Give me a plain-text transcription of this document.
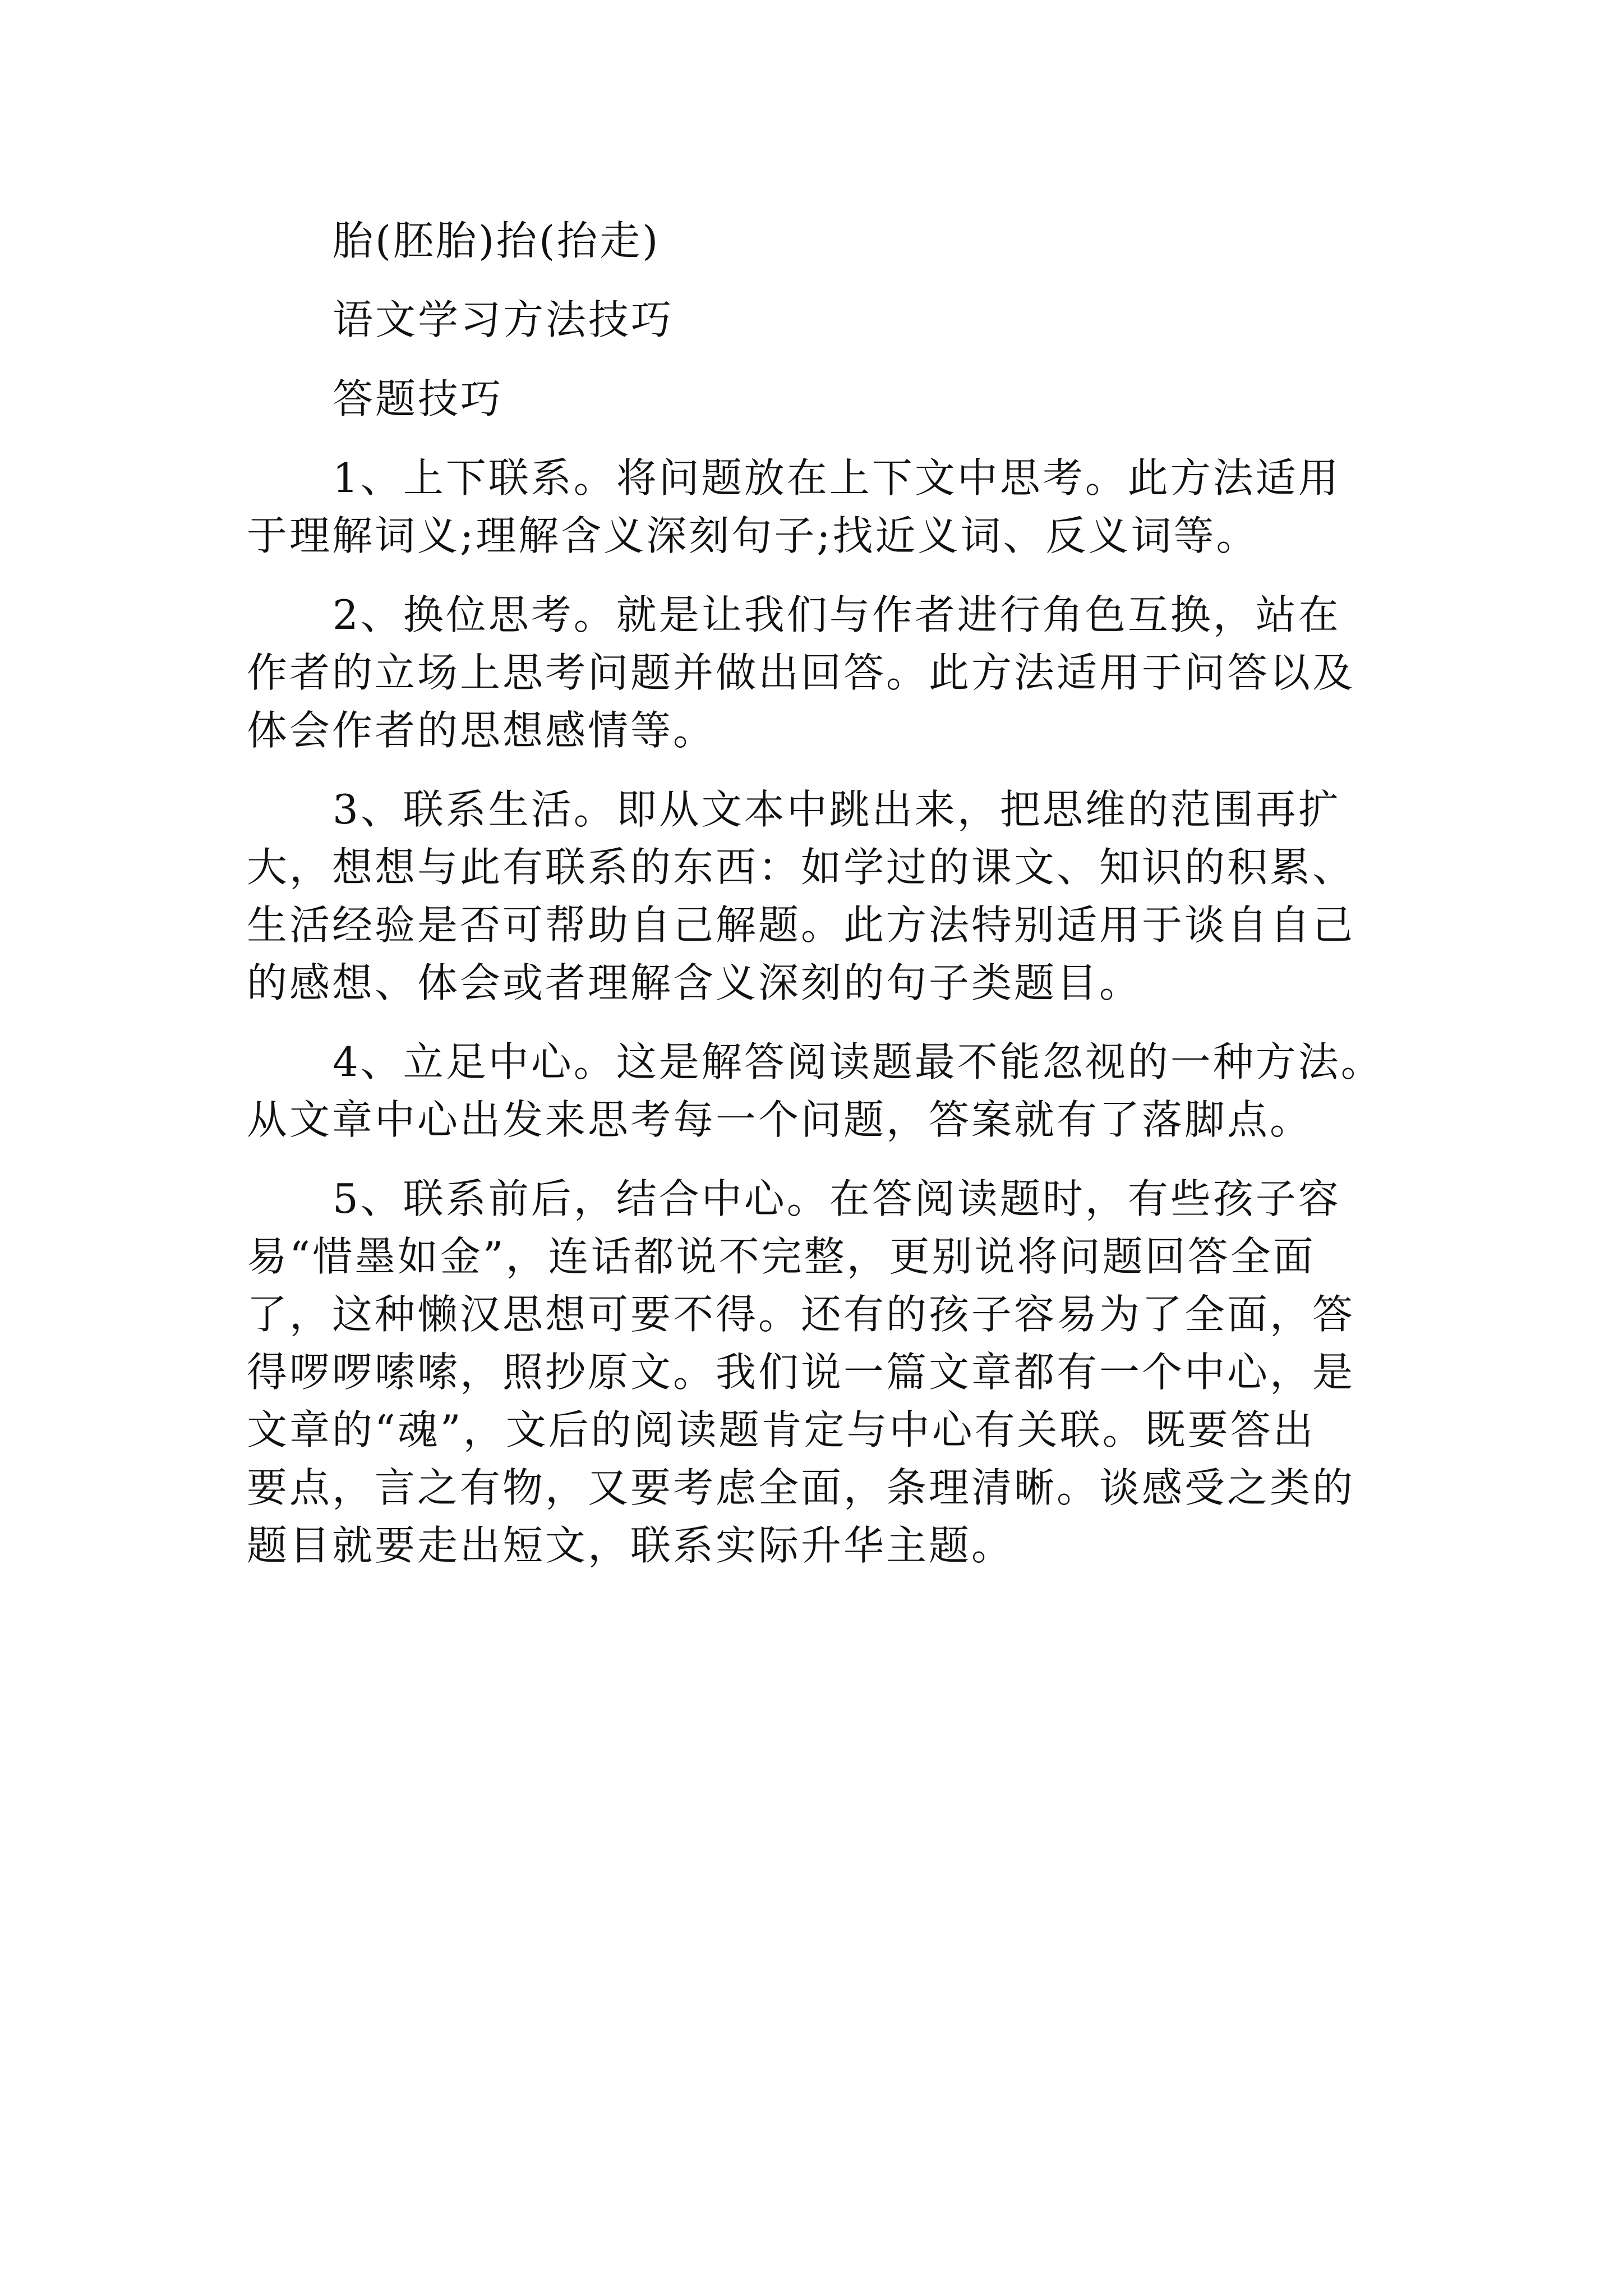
胎(胚胎)抬(抬走)

语文学习方法技巧

答题技巧

1、上下联系。将问题放在上下文中思考。此方法适用

于理解词义;理解含义深刻句子;找近义词、反义词等。

2、换位思考。就是让我们与作者进行角色互换，站在

作者的立场上思考问题并做出回答。此方法适用于问答以及

体会作者的思想感情等。

3、联系生活。即从文本中跳出来，把思维的范围再扩

大，想想与此有联系的东西：如学过的课文、知识的积累、

生活经验是否可帮助自己解题。此方法特别适用于谈自自己

的感想、体会或者理解含义深刻的句子类题目。

4、立足中心。这是解答阅读题最不能忽视的一种方法。

从文章中心出发来思考每一个问题，答案就有了落脚点。

5、联系前后，结合中心。在答阅读题时，有些孩子容

易“惜墨如金”，连话都说不完整，更别说将问题回答全面

了，这种懒汉思想可要不得。还有的孩子容易为了全面，答

得啰啰嗦嗦，照抄原文。我们说一篇文章都有一个中心，是

文章的“魂”，文后的阅读题肯定与中心有关联。既要答出

要点，言之有物，又要考虑全面，条理清晰。谈感受之类的

题目就要走出短文，联系实际升华主题。
